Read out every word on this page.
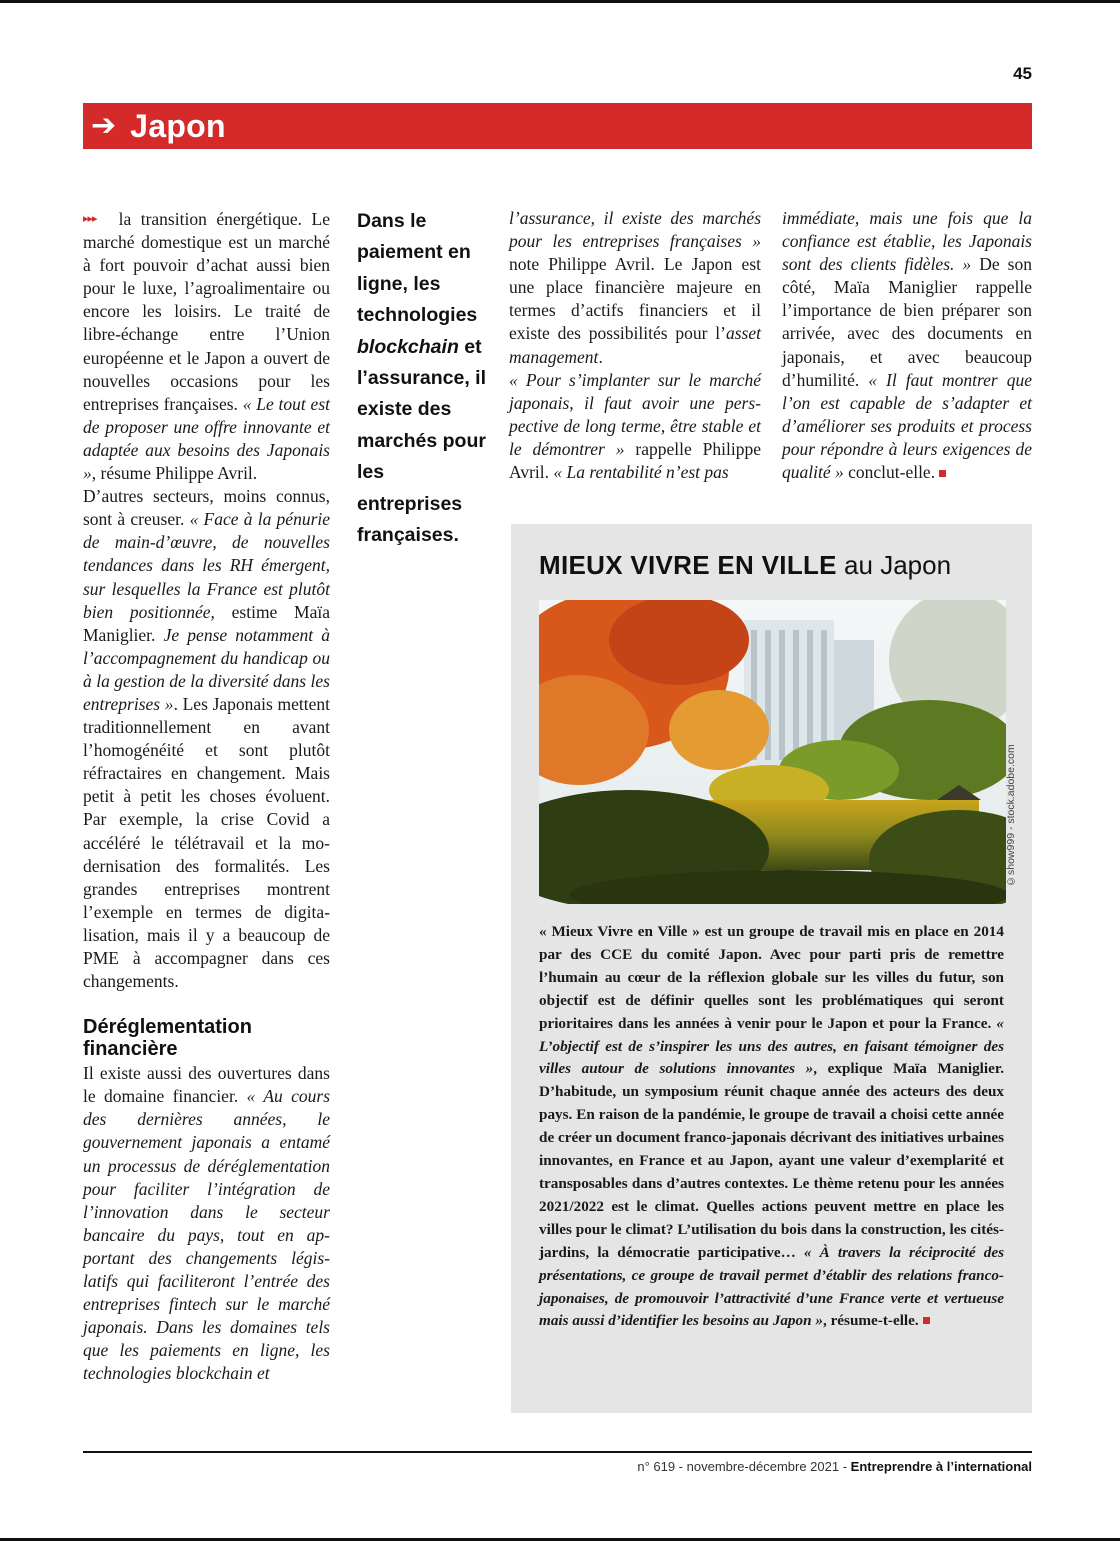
45
➔ Japon

▸▸▸ la transition énergétique. Le marché domestique est un marché à fort pouvoir d’achat aussi bien pour le luxe, l’agroalimentaire ou encore les loisirs. Le traité de libre-échange entre l’Union européenne et le Japon a ouvert de nouvelles occasions pour les entreprises françaises. « Le tout est de proposer une offre innovante et adaptée aux besoins des Japonais », résume Philippe Avril.

D’autres secteurs, moins connus, sont à creuser. « Face à la pénurie de main-d’œuvre, de nouvelles tendances dans les RH émergent, sur lesquelles la France est plutôt bien positionnée, estime Maïa Maniglier. Je pense notamment à l’accompagnement du handicap ou à la gestion de la diversité dans les entreprises ». Les Japonais mettent traditionnellement en avant l’homogénéité et sont plutôt réfractaires en changement. Mais petit à petit les choses évoluent. Par exemple, la crise Covid a accéléré le télétravail et la modernisation des formalités. Les grandes entreprises montrent l’exemple en termes de digitalisation, mais il y a beaucoup de PME à accompagner dans ces changements.

Déréglementation financière

Il existe aussi des ouvertures dans le domaine financier. « Au cours des dernières années, le gouvernement japonais a entamé un processus de déréglementation pour faciliter l’intégration de l’innovation dans le secteur bancaire du pays, tout en apportant des changements législatifs qui faciliteront l’entrée des entreprises fintech sur le marché japonais. Dans les domaines tels que les paiements en ligne, les technologies blockchain et

Dans le paiement en ligne, les technologies blockchain et l’assurance, il existe des marchés pour les entreprises françaises.

l’assurance, il existe des marchés pour les entreprises françaises » note Philippe Avril. Le Japon est une place financière majeure en termes d’actifs financiers et il existe des possibilités pour l’asset management.

« Pour s’implanter sur le marché japonais, il faut avoir une perspective de long terme, être stable et le démontrer » rappelle Philippe Avril. « La rentabilité n’est pas

immédiate, mais une fois que la confiance est établie, les Japonais sont des clients fidèles. » De son côté, Maïa Maniglier rappelle l’importance de bien préparer son arrivée, avec des documents en japonais, et avec beaucoup d’humilité. « Il faut montrer que l’on est capable de s’adapter et d’améliorer ses produits et process pour répondre à leurs exigences de qualité » conclut-elle.

MIEUX VIVRE EN VILLE au Japon
©show999 - stock.adobe.com
« Mieux Vivre en Ville » est un groupe de travail mis en place en 2014 par des CCE du comité Japon. Avec pour parti pris de remettre l’humain au cœur de la réflexion globale sur les villes du futur, son objectif est de définir quelles sont les problématiques qui seront prioritaires dans les années à venir pour le Japon et pour la France. « L’objectif est de s’inspirer les uns des autres, en faisant témoigner des villes autour de solutions innovantes », explique Maïa Maniglier. D’habitude, un symposium réunit chaque année des acteurs des deux pays. En raison de la pandémie, le groupe de travail a choisi cette année de créer un document franco-japonais décrivant des initiatives urbaines innovantes, en France et au Japon, ayant une valeur d’exemplarité et transposables dans d’autres contextes. Le thème retenu pour les années 2021/2022 est le climat. Quelles actions peuvent mettre en place les villes pour le climat? L’utilisation du bois dans la construction, les cités-jardins, la démocratie participative… « À travers la réciprocité des présentations, ce groupe de travail permet d’établir des relations franco-japonaises, de promouvoir l’attractivité d’une France verte et vertueuse mais aussi d’identifier les besoins au Japon », résume-t-elle.
n° 619 - novembre-décembre 2021 - Entreprendre à l’international
